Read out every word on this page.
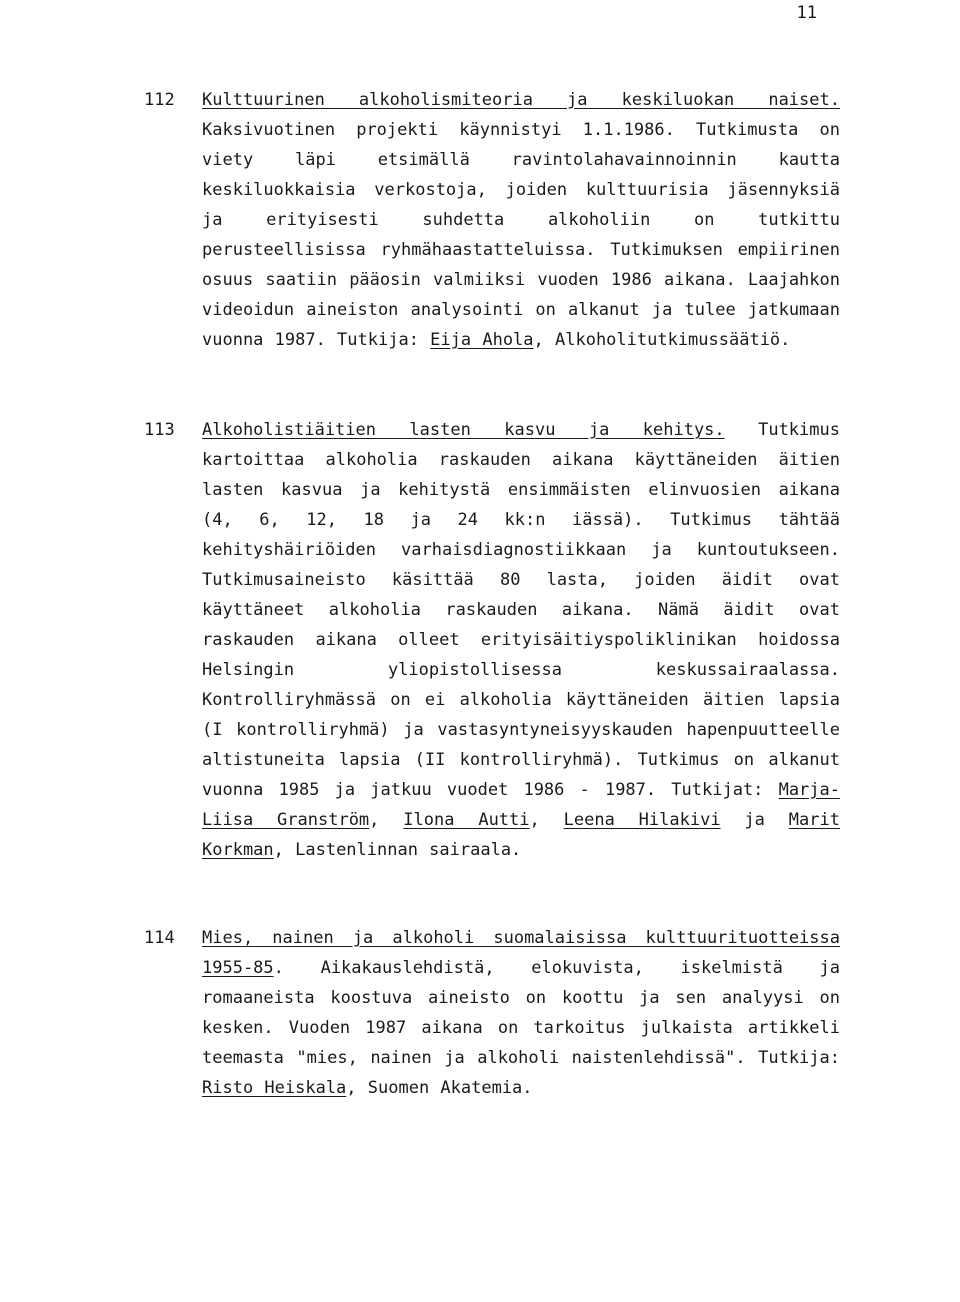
11

112	Kulttuurinen alkoholismiteoria ja keskiluokan naiset. Kaksivuotinen projekti käynnistyi 1.1.1986. Tutkimusta on viety läpi etsimällä ravintolahavainnoinnin kautta keskiluokkaisia verkostoja, joiden kulttuurisia jäsennyksiä ja erityisesti suhdetta alkoholiin on tutkittu perusteellisissa ryhmähaastatteluissa. Tutkimuksen empiirinen osuus saatiin pääosin valmiiksi vuoden 1986 aikana. Laajahkon videoidun aineiston analysointi on alkanut ja tulee jatkumaan vuonna 1987. Tutkija: Eija Ahola, Alkoholitutkimussäätiö.

113	Alkoholistiäitien lasten kasvu ja kehitys. Tutkimus kartoittaa alkoholia raskauden aikana käyttäneiden äitien lasten kasvua ja kehitystä ensimmäisten elinvuosien aikana (4, 6, 12, 18 ja 24 kk:n iässä). Tutkimus tähtää kehityshäiriöiden varhaisdiagnostiikkaan ja kuntoutukseen. Tutkimusaineisto käsittää 80 lasta, joiden äidit ovat käyttäneet alkoholia raskauden aikana. Nämä äidit ovat raskauden aikana olleet erityisäitiyspoliklinikan hoidossa Helsingin yliopistollisessa keskussairaalassa. Kontrolliryhmässä on ei alkoholia käyttäneiden äitien lapsia (I kontrolliryhmä) ja vastasyntyneisyyskauden hapenpuutteelle altistuneita lapsia (II kontrolliryhmä). Tutkimus on alkanut vuonna 1985 ja jatkuu vuodet 1986 - 1987. Tutkijat: Marja-Liisa Granström, Ilona Autti, Leena Hilakivi ja Marit Korkman, Lastenlinnan sairaala.

114	Mies, nainen ja alkoholi suomalaisissa kulttuurituotteissa 1955-85. Aikakauslehdistä, elokuvista, iskelmistä ja romaaneista koostuva aineisto on koottu ja sen analyysi on kesken. Vuoden 1987 aikana on tarkoitus julkaista artikkeli teemasta "mies, nainen ja alkoholi naistenlehdissä". Tutkija: Risto Heiskala, Suomen Akatemia.
